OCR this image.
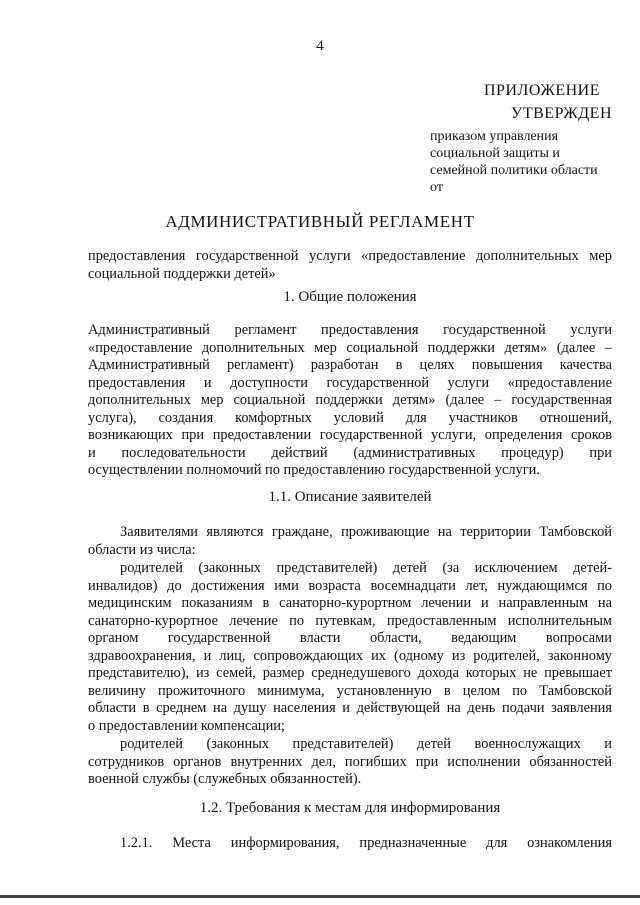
4
ПРИЛОЖЕНИЕ
УТВЕРЖДЕН
приказом управления
социальной защиты и
семейной политики области
от
АДМИНИСТРАТИВНЫЙ РЕГЛАМЕНТ
предоставления государственной услуги «предоставление дополнительных мер
социальной поддержки детей»
1. Общие положения
Административный регламент предоставления государственной услуги
«предоставление дополнительных мер социальной поддержки детям» (далее –
Административный регламент) разработан в целях повышения качества
предоставления и доступности государственной услуги «предоставление
дополнительных мер социальной поддержки детям» (далее – государственная
услуга), создания комфортных условий для участников отношений,
возникающих при предоставлении государственной услуги, определения сроков
и последовательности действий (административных процедур) при
осуществлении полномочий по предоставлению государственной услуги.
1.1. Описание заявителей
Заявителями являются граждане, проживающие на территории Тамбовской
области из числа:
родителей (законных представителей) детей (за исключением детей-
инвалидов) до достижения ими возраста восемнадцати лет, нуждающимся по
медицинским показаниям в санаторно-курортном лечении и направленным на
санаторно-курортное лечение по путевкам, предоставленным исполнительным
органом государственной власти области, ведающим вопросами
здравоохранения, и лиц, сопровождающих их (одному из родителей, законному
представителю), из семей, размер среднедушевого дохода которых не превышает
величину прожиточного минимума, установленную в целом по Тамбовской
области в среднем на душу населения и действующей на день подачи заявления
о предоставлении компенсации;
родителей (законных представителей) детей военнослужащих и
сотрудников органов внутренних дел, погибших при исполнении обязанностей
военной службы (служебных обязанностей).
1.2. Требования к местам для информирования
1.2.1. Места информирования, предназначенные для ознакомления
